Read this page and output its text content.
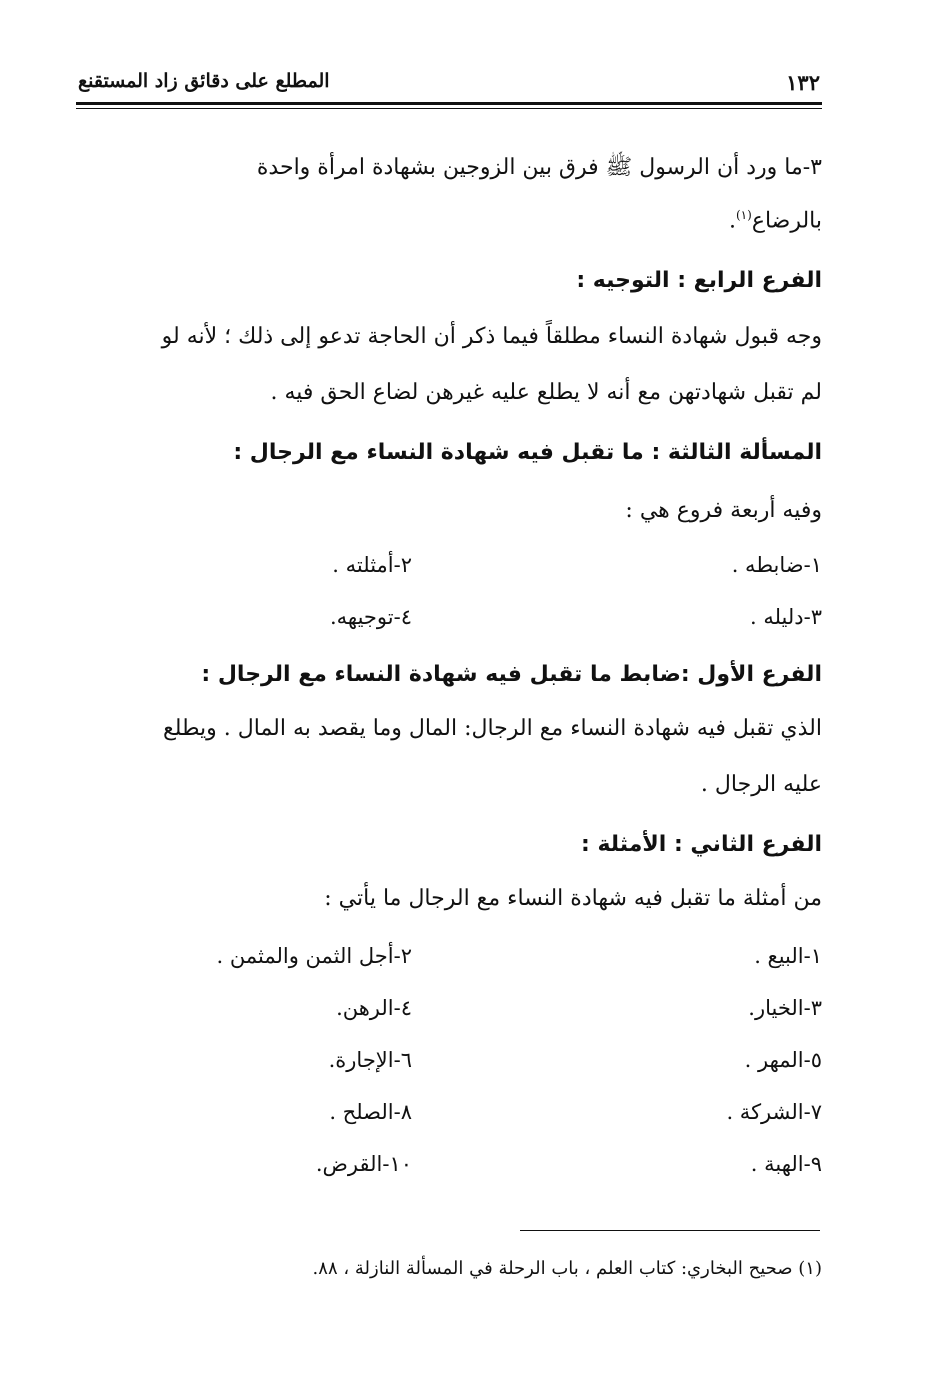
١٣٢
المطلع على دقائق زاد المستقنع
٣-ما ورد أن الرسول ﷺ فرق بين الزوجين بشهادة امرأة واحدة
بالرضاع$^{(١)}$.
الفرع الرابع : التوجيه :
وجه قبول شهادة النساء مطلقاً فيما ذكر أن الحاجة تدعو إلى ذلك ؛ لأنه لو
لم تقبل شهادتهن مع أنه لا يطلع عليه غيرهن لضاع الحق فيه .
المسألة الثالثة : ما تقبل فيه شهادة النساء مع الرجال :
وفيه أربعة فروع هي :
١-ضابطه .
٢-أمثلته .
٣-دليله .
٤-توجيهه.
الفرع الأول :ضابط ما تقبل فيه شهادة النساء مع الرجال :
الذي تقبل فيه شهادة النساء مع الرجال: المال وما يقصد به المال . ويطلع
عليه الرجال .
الفرع الثاني : الأمثلة :
من أمثلة ما تقبل فيه شهادة النساء مع الرجال ما يأتي :
١-البيع .
٢-أجل الثمن والمثمن .
٣-الخيار.
٤-الرهن.
٥-المهر .
٦-الإجارة.
٧-الشركة .
٨-الصلح .
٩-الهبة .
١٠-القرض.
(١) صحيح البخاري: كتاب العلم ، باب الرحلة في المسألة النازلة ، ٨٨.
